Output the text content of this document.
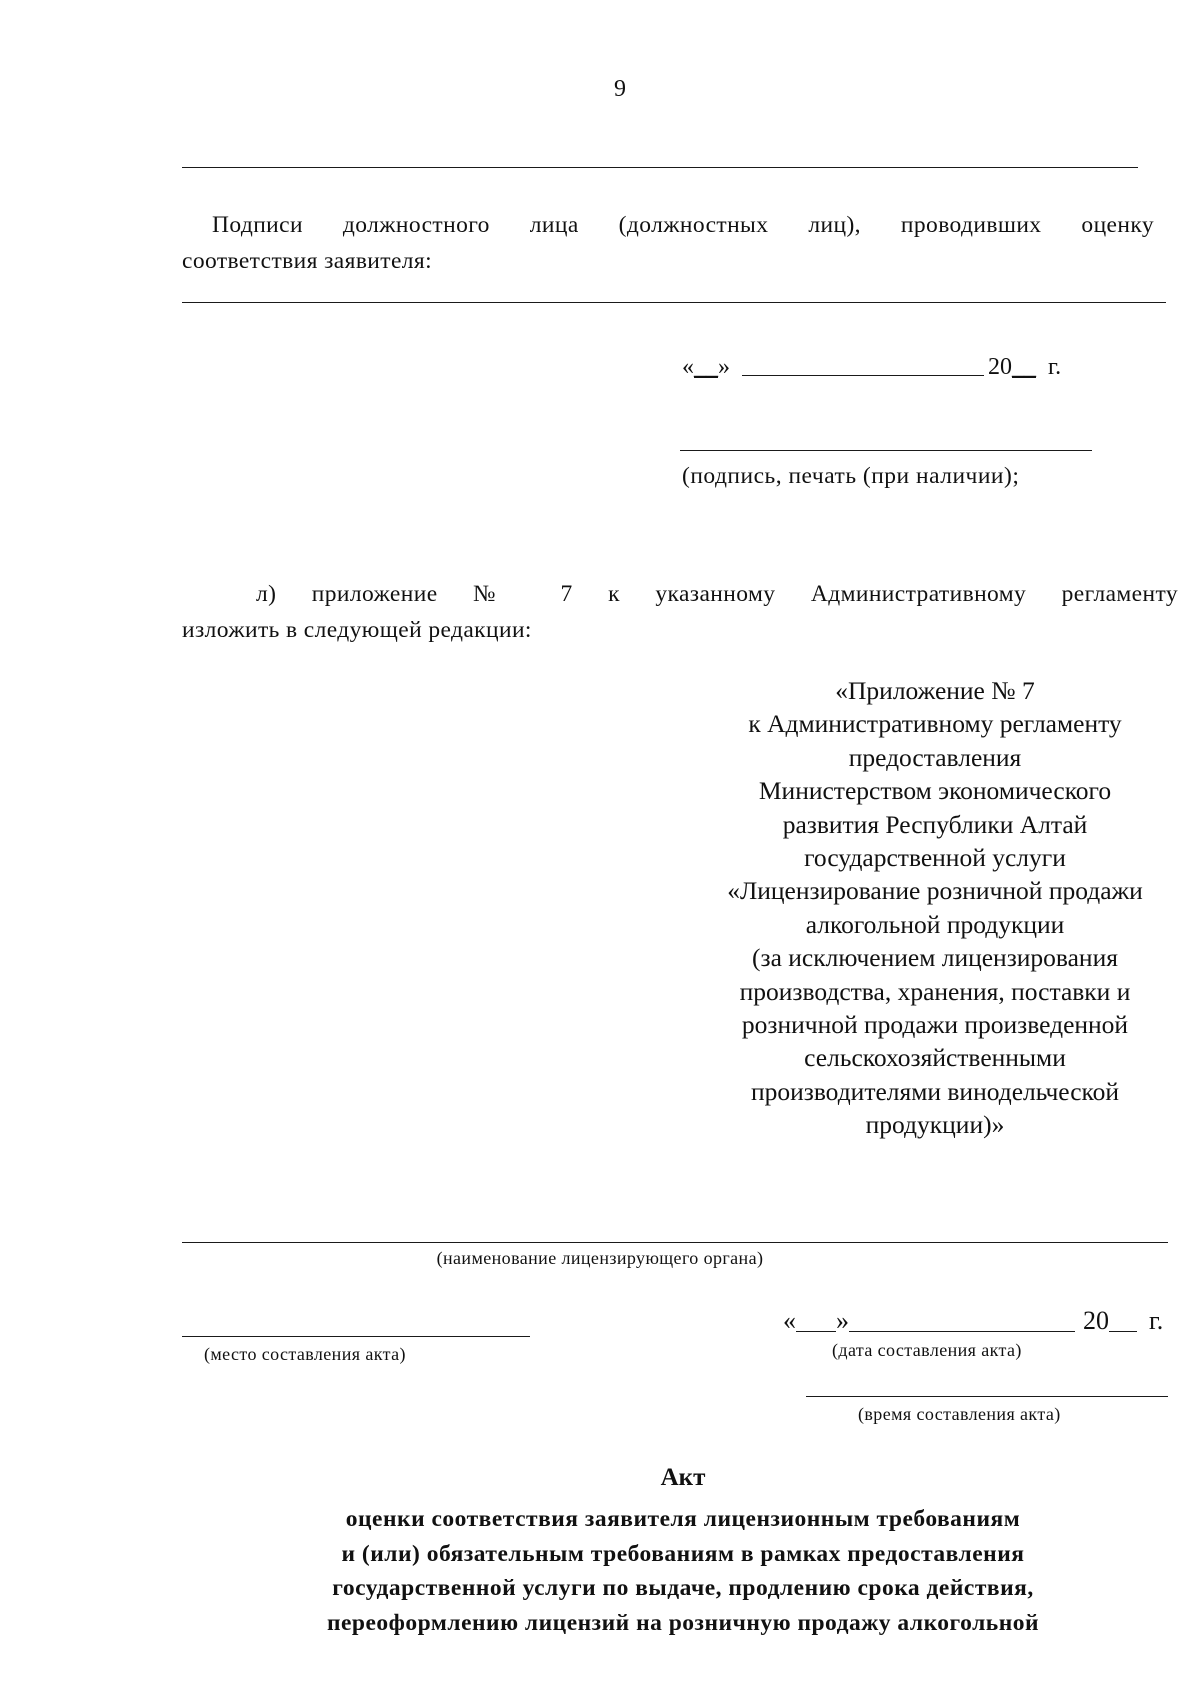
9
Подписи должностного лица (должностных лиц), проводивших оценку
соответствия заявителя:
«__»	20__ г.
(подпись, печать (при наличии);
л) приложение № 7 к указанному Административному регламенту
изложить в следующей редакции:
«Приложение № 7
к Административному регламенту
предоставления
Министерством экономического
развития Республики Алтай
государственной услуги
«Лицензирование розничной продажи
алкогольной продукции
(за исключением лицензирования
производства, хранения, поставки и
розничной продажи произведенной
сельскохозяйственными
производителями винодельческой
продукции)»
(наименование лицензирующего органа)
(место составления акта)
« »	20 г.
(дата составления акта)
(время составления акта)
Акт
оценки соответствия заявителя лицензионным требованиям
и (или) обязательным требованиям в рамках предоставления
государственной услуги по выдаче, продлению срока действия,
переоформлению лицензий на розничную продажу алкогольной
